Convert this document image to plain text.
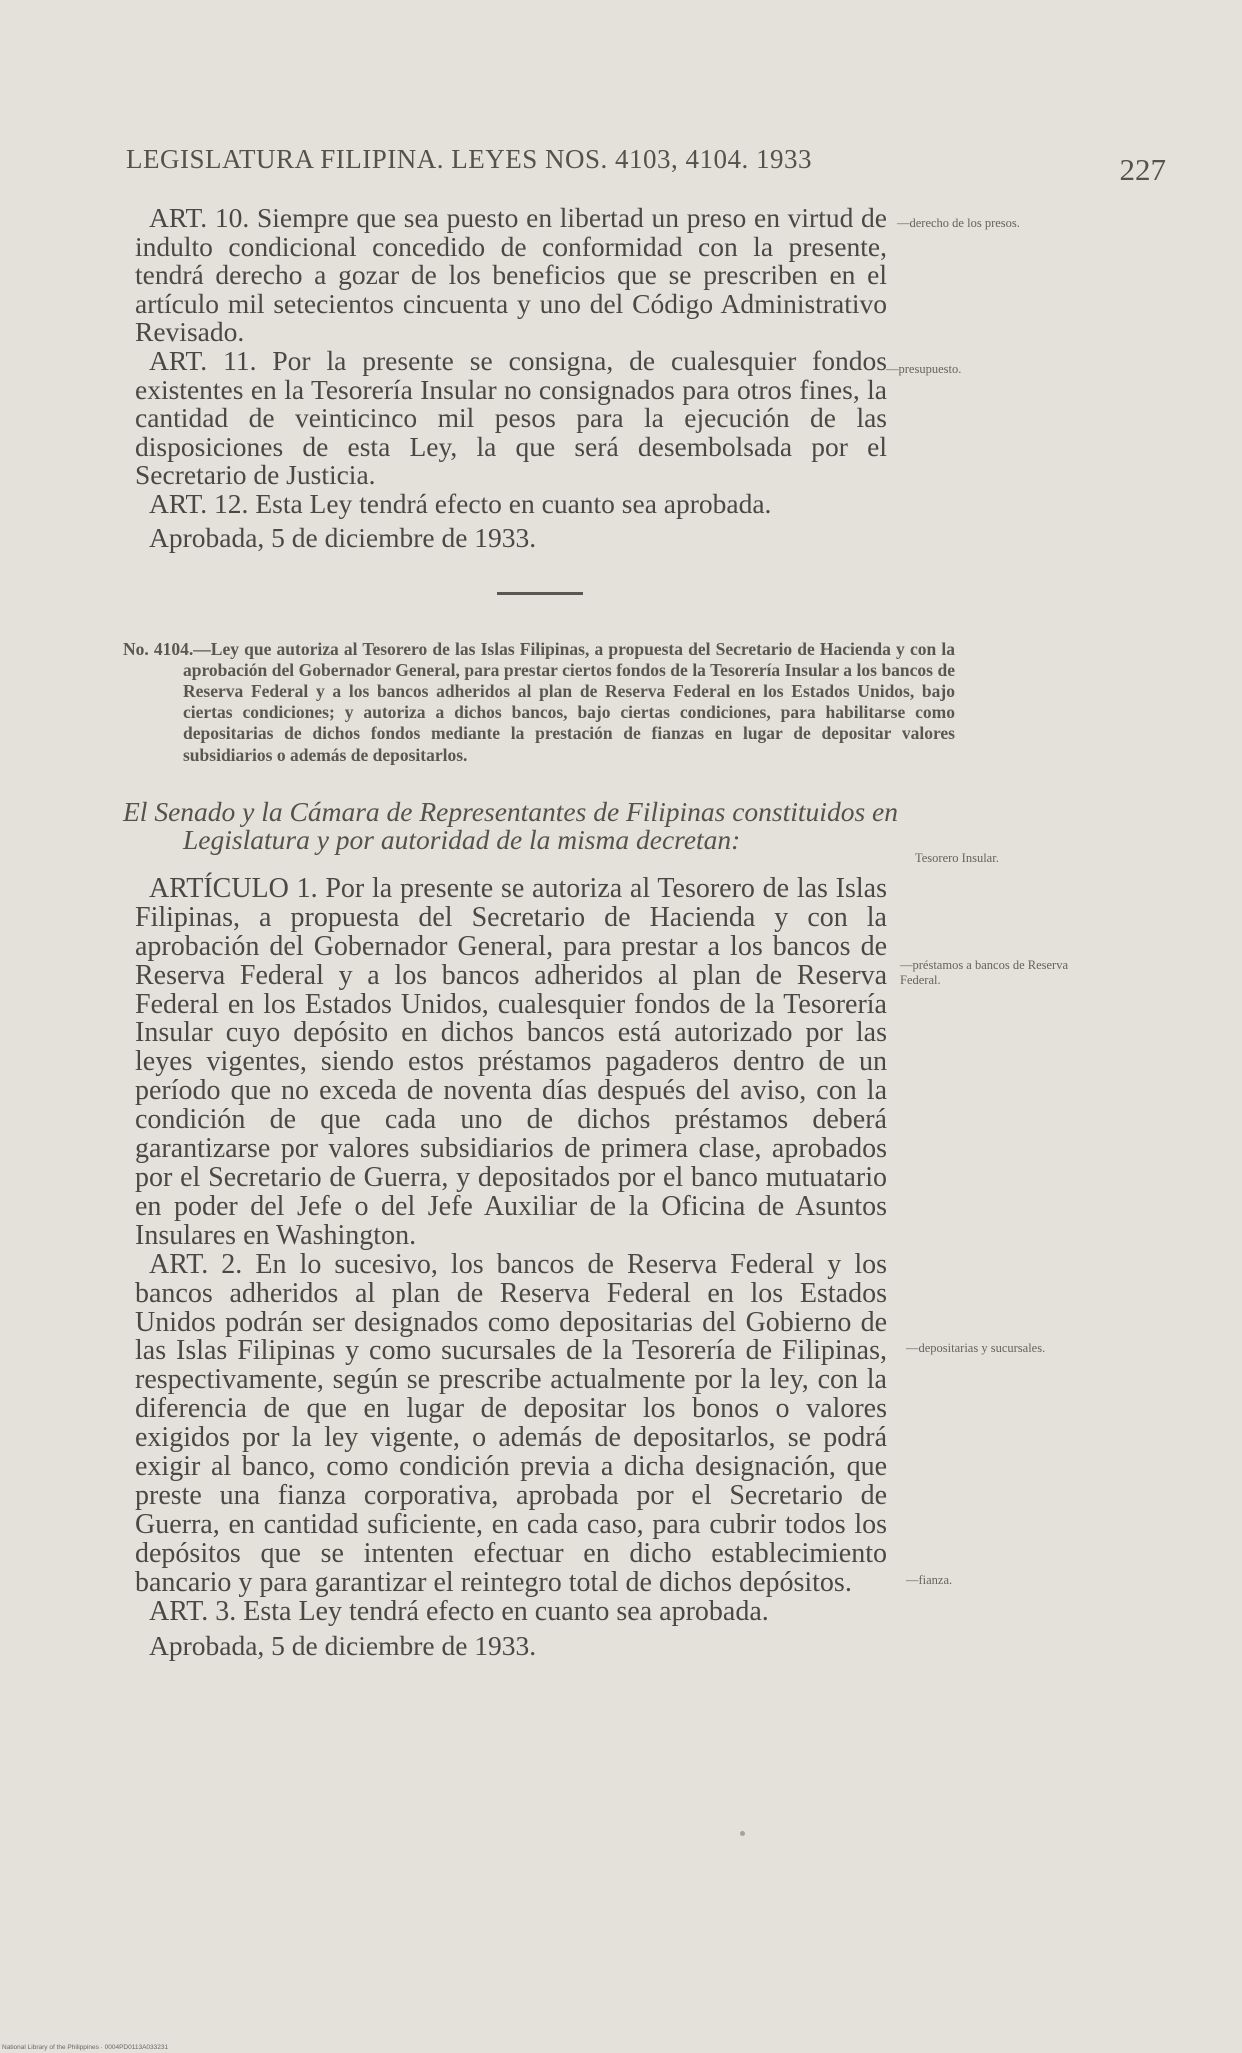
LEGISLATURA FILIPINA. LEYES NOS. 4103, 4104. 1933	227

ART. 10. Siempre que sea puesto en libertad un preso en virtud de indulto condicional concedido de conformidad con la presente, tendrá derecho a gozar de los beneficios que se prescriben en el artículo mil setecientos cincuenta y uno del Código Administrativo Revisado.

ART. 11. Por la presente se consigna, de cualesquier fondos existentes en la Tesorería Insular no consignados para otros fines, la cantidad de veinticinco mil pesos para la ejecución de las disposiciones de esta Ley, la que será desembolsada por el Secretario de Justicia.

ART. 12. Esta Ley tendrá efecto en cuanto sea aprobada.

Aprobada, 5 de diciembre de 1933.
No. 4104.—Ley que autoriza al Tesorero de las Islas Filipinas, a propuesta del Secretario de Hacienda y con la aprobación del Gobernador General, para prestar ciertos fondos de la Tesorería Insular a los bancos de Reserva Federal y a los bancos adheridos al plan de Reserva Federal en los Estados Unidos, bajo ciertas condiciones; y autoriza a dichos bancos, bajo ciertas condiciones, para habilitarse como depositarias de dichos fondos mediante la prestación de fianzas en lugar de depositar valores subsidiarios o además de depositarlos.
El Senado y la Cámara de Representantes de Filipinas constituidos en Legislatura y por autoridad de la misma decretan:

ARTÍCULO 1. Por la presente se autoriza al Tesorero de las Islas Filipinas, a propuesta del Secretario de Hacienda y con la aprobación del Gobernador General, para prestar a los bancos de Reserva Federal y a los bancos adheridos al plan de Reserva Federal en los Estados Unidos, cualesquier fondos de la Tesorería Insular cuyo depósito en dichos bancos está autorizado por las leyes vigentes, siendo estos préstamos pagaderos dentro de un período que no exceda de noventa días después del aviso, con la condición de que cada uno de dichos préstamos deberá garantizarse por valores subsidiarios de primera clase, aprobados por el Secretario de Guerra, y depositados por el banco mutuatario en poder del Jefe o del Jefe Auxiliar de la Oficina de Asuntos Insulares en Washington.

ART. 2. En lo sucesivo, los bancos de Reserva Federal y los bancos adheridos al plan de Reserva Federal en los Estados Unidos podrán ser designados como depositarias del Gobierno de las Islas Filipinas y como sucursales de la Tesorería de Filipinas, respectivamente, según se prescribe actualmente por la ley, con la diferencia de que en lugar de depositar los bonos o valores exigidos por la ley vigente, o además de depositarlos, se podrá exigir al banco, como condición previa a dicha designación, que preste una fianza corporativa, aprobada por el Secretario de Guerra, en cantidad suficiente, en cada caso, para cubrir todos los depósitos que se intenten efectuar en dicho establecimiento bancario y para garantizar el reintegro total de dichos depósitos.

ART. 3. Esta Ley tendrá efecto en cuanto sea aprobada.

Aprobada, 5 de diciembre de 1933.
—derecho de los presos.
—presupuesto.
Tesorero Insular.
—préstamos a bancos de Reserva Federal.
—depositarias y sucursales.
—fianza.
National Library of the Philippines · 0004PD0113A033231
